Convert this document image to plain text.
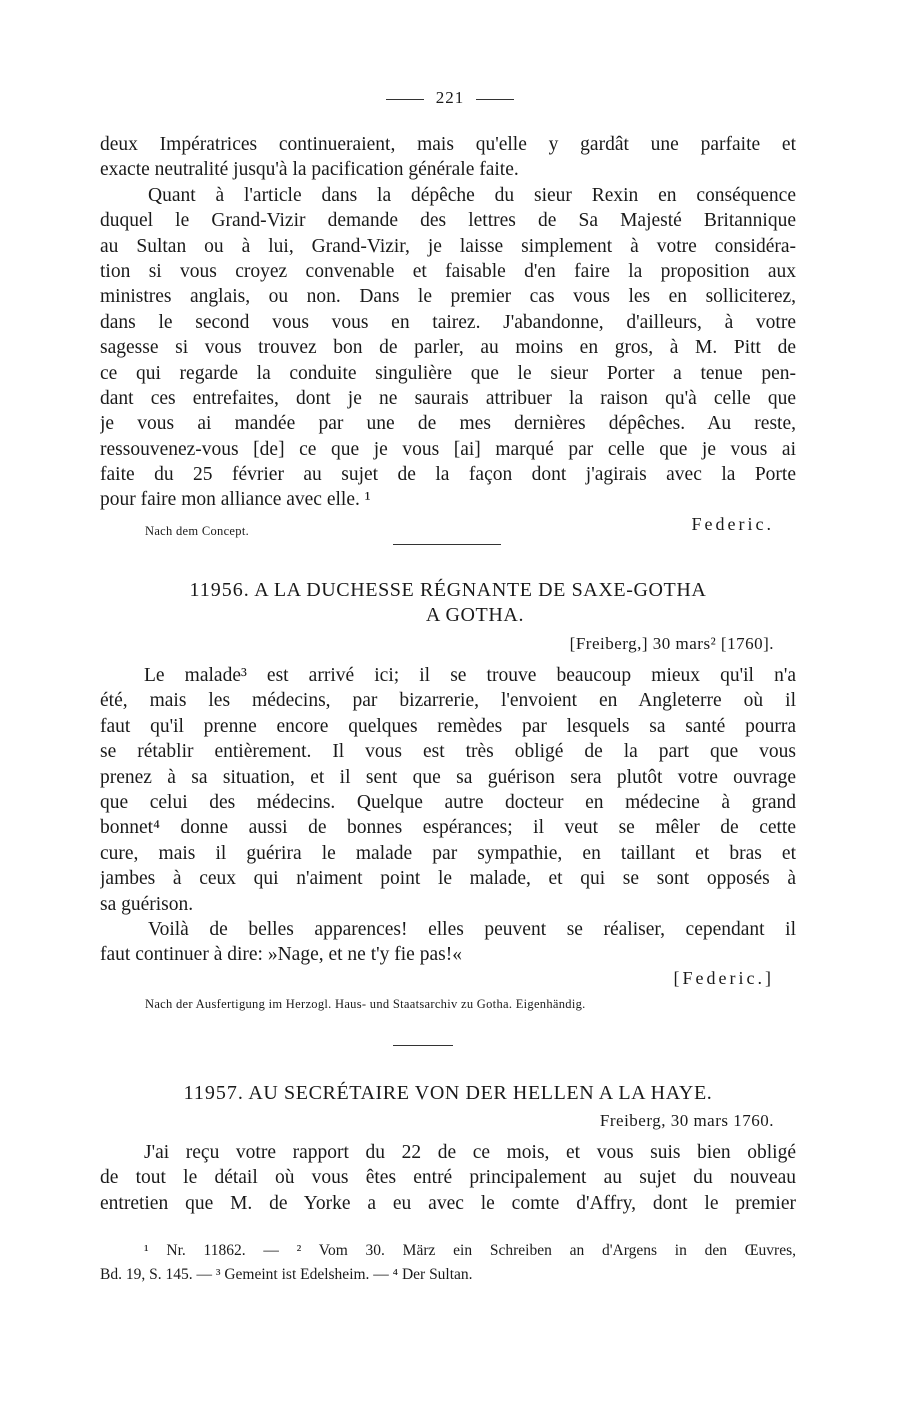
221
deux Impératrices continueraient, mais qu'elle y gardât une parfaite et
exacte neutralité jusqu'à la pacification générale faite.
Quant à l'article dans la dépêche du sieur Rexin en conséquence
duquel le Grand-Vizir demande des lettres de Sa Majesté Britannique
au Sultan ou à lui, Grand-Vizir, je laisse simplement à votre considéra-
tion si vous croyez convenable et faisable d'en faire la proposition aux
ministres anglais, ou non. Dans le premier cas vous les en solliciterez,
dans le second vous vous en tairez. J'abandonne, d'ailleurs, à votre
sagesse si vous trouvez bon de parler, au moins en gros, à M. Pitt de
ce qui regarde la conduite singulière que le sieur Porter a tenue pen-
dant ces entrefaites, dont je ne saurais attribuer la raison qu'à celle que
je vous ai mandée par une de mes dernières dépêches. Au reste,
ressouvenez-vous [de] ce que je vous [ai] marqué par celle que je vous ai
faite du 25 février au sujet de la façon dont j'agirais avec la Porte
pour faire mon alliance avec elle. ¹
Nach dem Concept.	Federic.
11956. A LA DUCHESSE RÉGNANTE DE SAXE-GOTHA
A GOTHA.
[Freiberg,] 30 mars² [1760].
Le malade³ est arrivé ici; il se trouve beaucoup mieux qu'il n'a
été, mais les médecins, par bizarrerie, l'envoient en Angleterre où il
faut qu'il prenne encore quelques remèdes par lesquels sa santé pourra
se rétablir entièrement. Il vous est très obligé de la part que vous
prenez à sa situation, et il sent que sa guérison sera plutôt votre ouvrage
que celui des médecins. Quelque autre docteur en médecine à grand
bonnet⁴ donne aussi de bonnes espérances; il veut se mêler de cette
cure, mais il guérira le malade par sympathie, en taillant et bras et
jambes à ceux qui n'aiment point le malade, et qui se sont opposés à
sa guérison.
Voilà de belles apparences! elles peuvent se réaliser, cependant il
faut continuer à dire: »Nage, et ne t'y fie pas!«
[Federic.]
Nach der Ausfertigung im Herzogl. Haus- und Staatsarchiv zu Gotha. Eigenhändig.
11957. AU SECRÉTAIRE VON DER HELLEN A LA HAYE.
Freiberg, 30 mars 1760.
J'ai reçu votre rapport du 22 de ce mois, et vous suis bien obligé
de tout le détail où vous êtes entré principalement au sujet du nouveau
entretien que M. de Yorke a eu avec le comte d'Affry, dont le premier
¹ Nr. 11862. — ² Vom 30. März ein Schreiben an d'Argens in den Œuvres,
Bd. 19, S. 145. — ³ Gemeint ist Edelsheim. — ⁴ Der Sultan.
